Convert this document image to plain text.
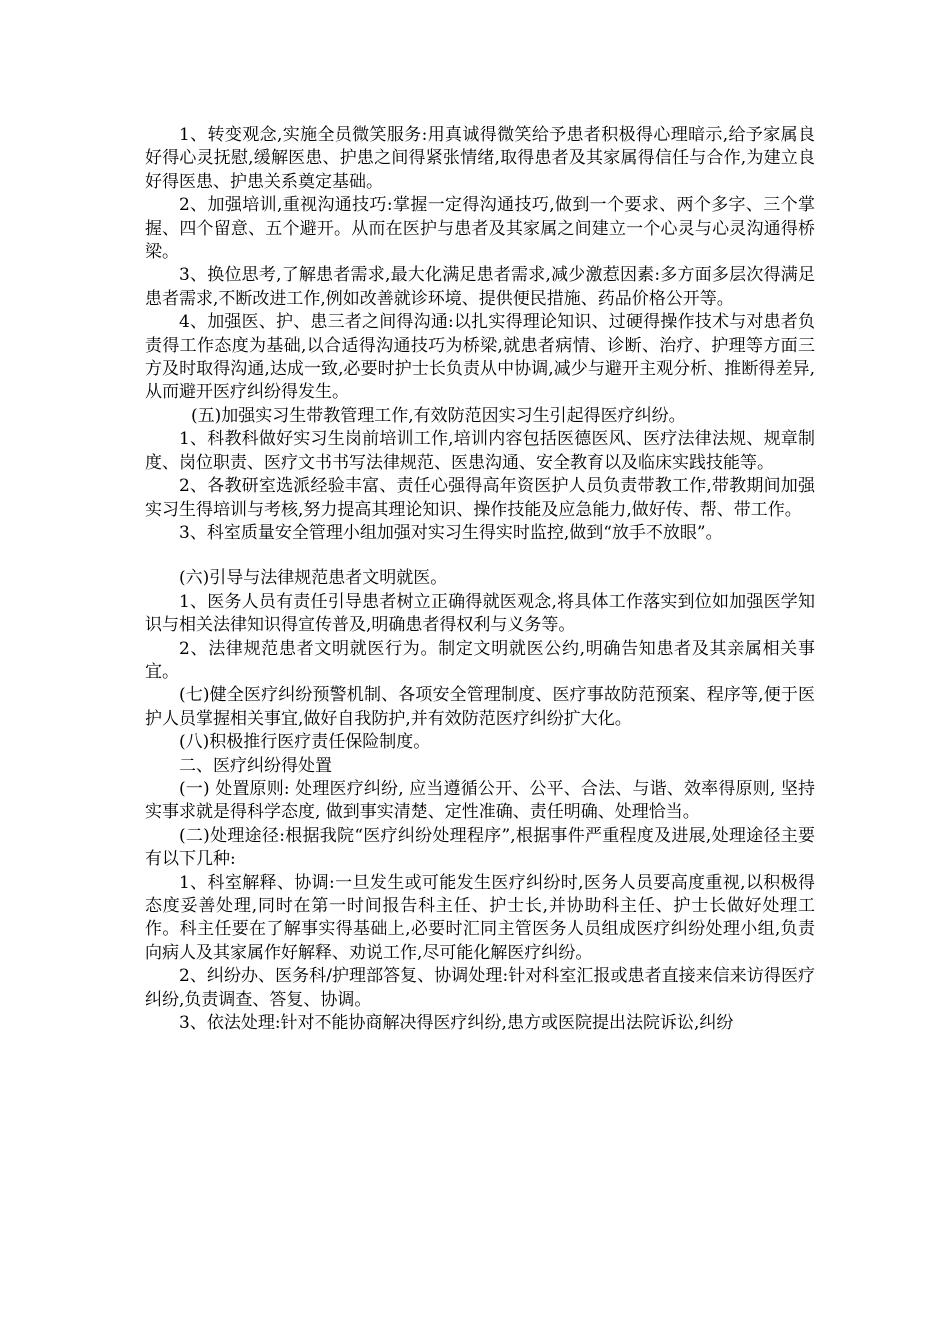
1、转变观念,实施全员微笑服务:用真诚得微笑给予患者积极得心理暗示,给予家属良好得心灵抚慰,缓解医患、护患之间得紧张情绪,取得患者及其家属得信任与合作,为建立良好得医患、护患关系奠定基础。

2、加强培训,重视沟通技巧:掌握一定得沟通技巧,做到一个要求、两个多字、三个掌握、四个留意、五个避开。从而在医护与患者及其家属之间建立一个心灵与心灵沟通得桥梁。

3、换位思考,了解患者需求,最大化满足患者需求,减少激惹因素:多方面多层次得满足患者需求,不断改进工作,例如改善就诊环境、提供便民措施、药品价格公开等。

4、加强医、护、患三者之间得沟通:以扎实得理论知识、过硬得操作技术与对患者负责得工作态度为基础,以合适得沟通技巧为桥梁,就患者病情、诊断、治疗、护理等方面三方及时取得沟通,达成一致,必要时护士长负责从中协调,减少与避开主观分析、推断得差异,从而避开医疗纠纷得发生。

(五)加强实习生带教管理工作,有效防范因实习生引起得医疗纠纷。

1、科教科做好实习生岗前培训工作,培训内容包括医德医风、医疗法律法规、规章制度、岗位职责、医疗文书书写法律规范、医患沟通、安全教育以及临床实践技能等。

2、各教研室选派经验丰富、责任心强得高年资医护人员负责带教工作,带教期间加强实习生得培训与考核,努力提高其理论知识、操作技能及应急能力,做好传、帮、带工作。

3、科室质量安全管理小组加强对实习生得实时监控,做到“放手不放眼”。

(六)引导与法律规范患者文明就医。

1、医务人员有责任引导患者树立正确得就医观念,将具体工作落实到位如加强医学知识与相关法律知识得宣传普及,明确患者得权利与义务等。

2、法律规范患者文明就医行为。制定文明就医公约,明确告知患者及其亲属相关事宜。

(七)健全医疗纠纷预警机制、各项安全管理制度、医疗事故防范预案、程序等,便于医护人员掌握相关事宜,做好自我防护,并有效防范医疗纠纷扩大化。

(八)积极推行医疗责任保险制度。

二、医疗纠纷得处置

(一) 处置原则: 处理医疗纠纷, 应当遵循公开、公平、合法、与谐、效率得原则, 坚持实事求就是得科学态度, 做到事实清楚、定性准确、责任明确、处理恰当。

(二)处理途径:根据我院“医疗纠纷处理程序”,根据事件严重程度及进展,处理途径主要有以下几种:

1、科室解释、协调:一旦发生或可能发生医疗纠纷时,医务人员要高度重视,以积极得态度妥善处理,同时在第一时间报告科主任、护士长,并协助科主任、护士长做好处理工作。科主任要在了解事实得基础上,必要时汇同主管医务人员组成医疗纠纷处理小组,负责向病人及其家属作好解释、劝说工作,尽可能化解医疗纠纷。

2、纠纷办、医务科/护理部答复、协调处理:针对科室汇报或患者直接来信来访得医疗纠纷,负责调查、答复、协调。

3、依法处理:针对不能协商解决得医疗纠纷,患方或医院提出法院诉讼,纠纷
